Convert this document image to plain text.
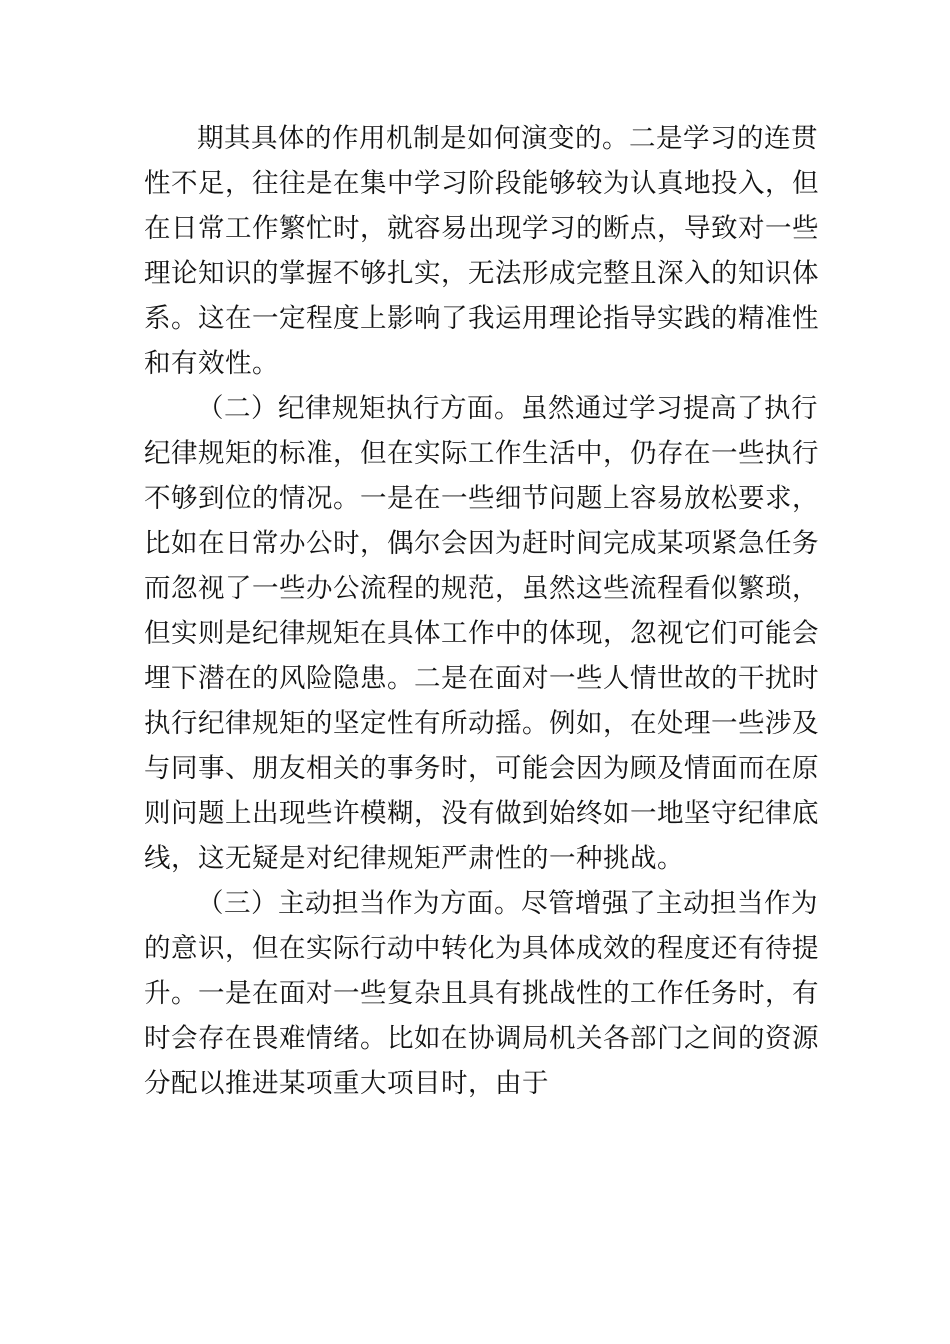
期其具体的作用机制是如何演变的。二是学习的连贯
性不足，往往是在集中学习阶段能够较为认真地投入，但
在日常工作繁忙时，就容易出现学习的断点，导致对一些
理论知识的掌握不够扎实，无法形成完整且深入的知识体
系。这在一定程度上影响了我运用理论指导实践的精准性
和有效性。
（二）纪律规矩执行方面。虽然通过学习提高了执行
纪律规矩的标准，但在实际工作生活中，仍存在一些执行
不够到位的情况。一是在一些细节问题上容易放松要求，
比如在日常办公时，偶尔会因为赶时间完成某项紧急任务
而忽视了一些办公流程的规范，虽然这些流程看似繁琐，
但实则是纪律规矩在具体工作中的体现，忽视它们可能会
埋下潜在的风险隐患。二是在面对一些人情世故的干扰时
执行纪律规矩的坚定性有所动摇。例如，在处理一些涉及
与同事、朋友相关的事务时，可能会因为顾及情面而在原
则问题上出现些许模糊，没有做到始终如一地坚守纪律底
线，这无疑是对纪律规矩严肃性的一种挑战。
（三）主动担当作为方面。尽管增强了主动担当作为
的意识，但在实际行动中转化为具体成效的程度还有待提
升。一是在面对一些复杂且具有挑战性的工作任务时，有
时会存在畏难情绪。比如在协调局机关各部门之间的资源
分配以推进某项重大项目时，由于
